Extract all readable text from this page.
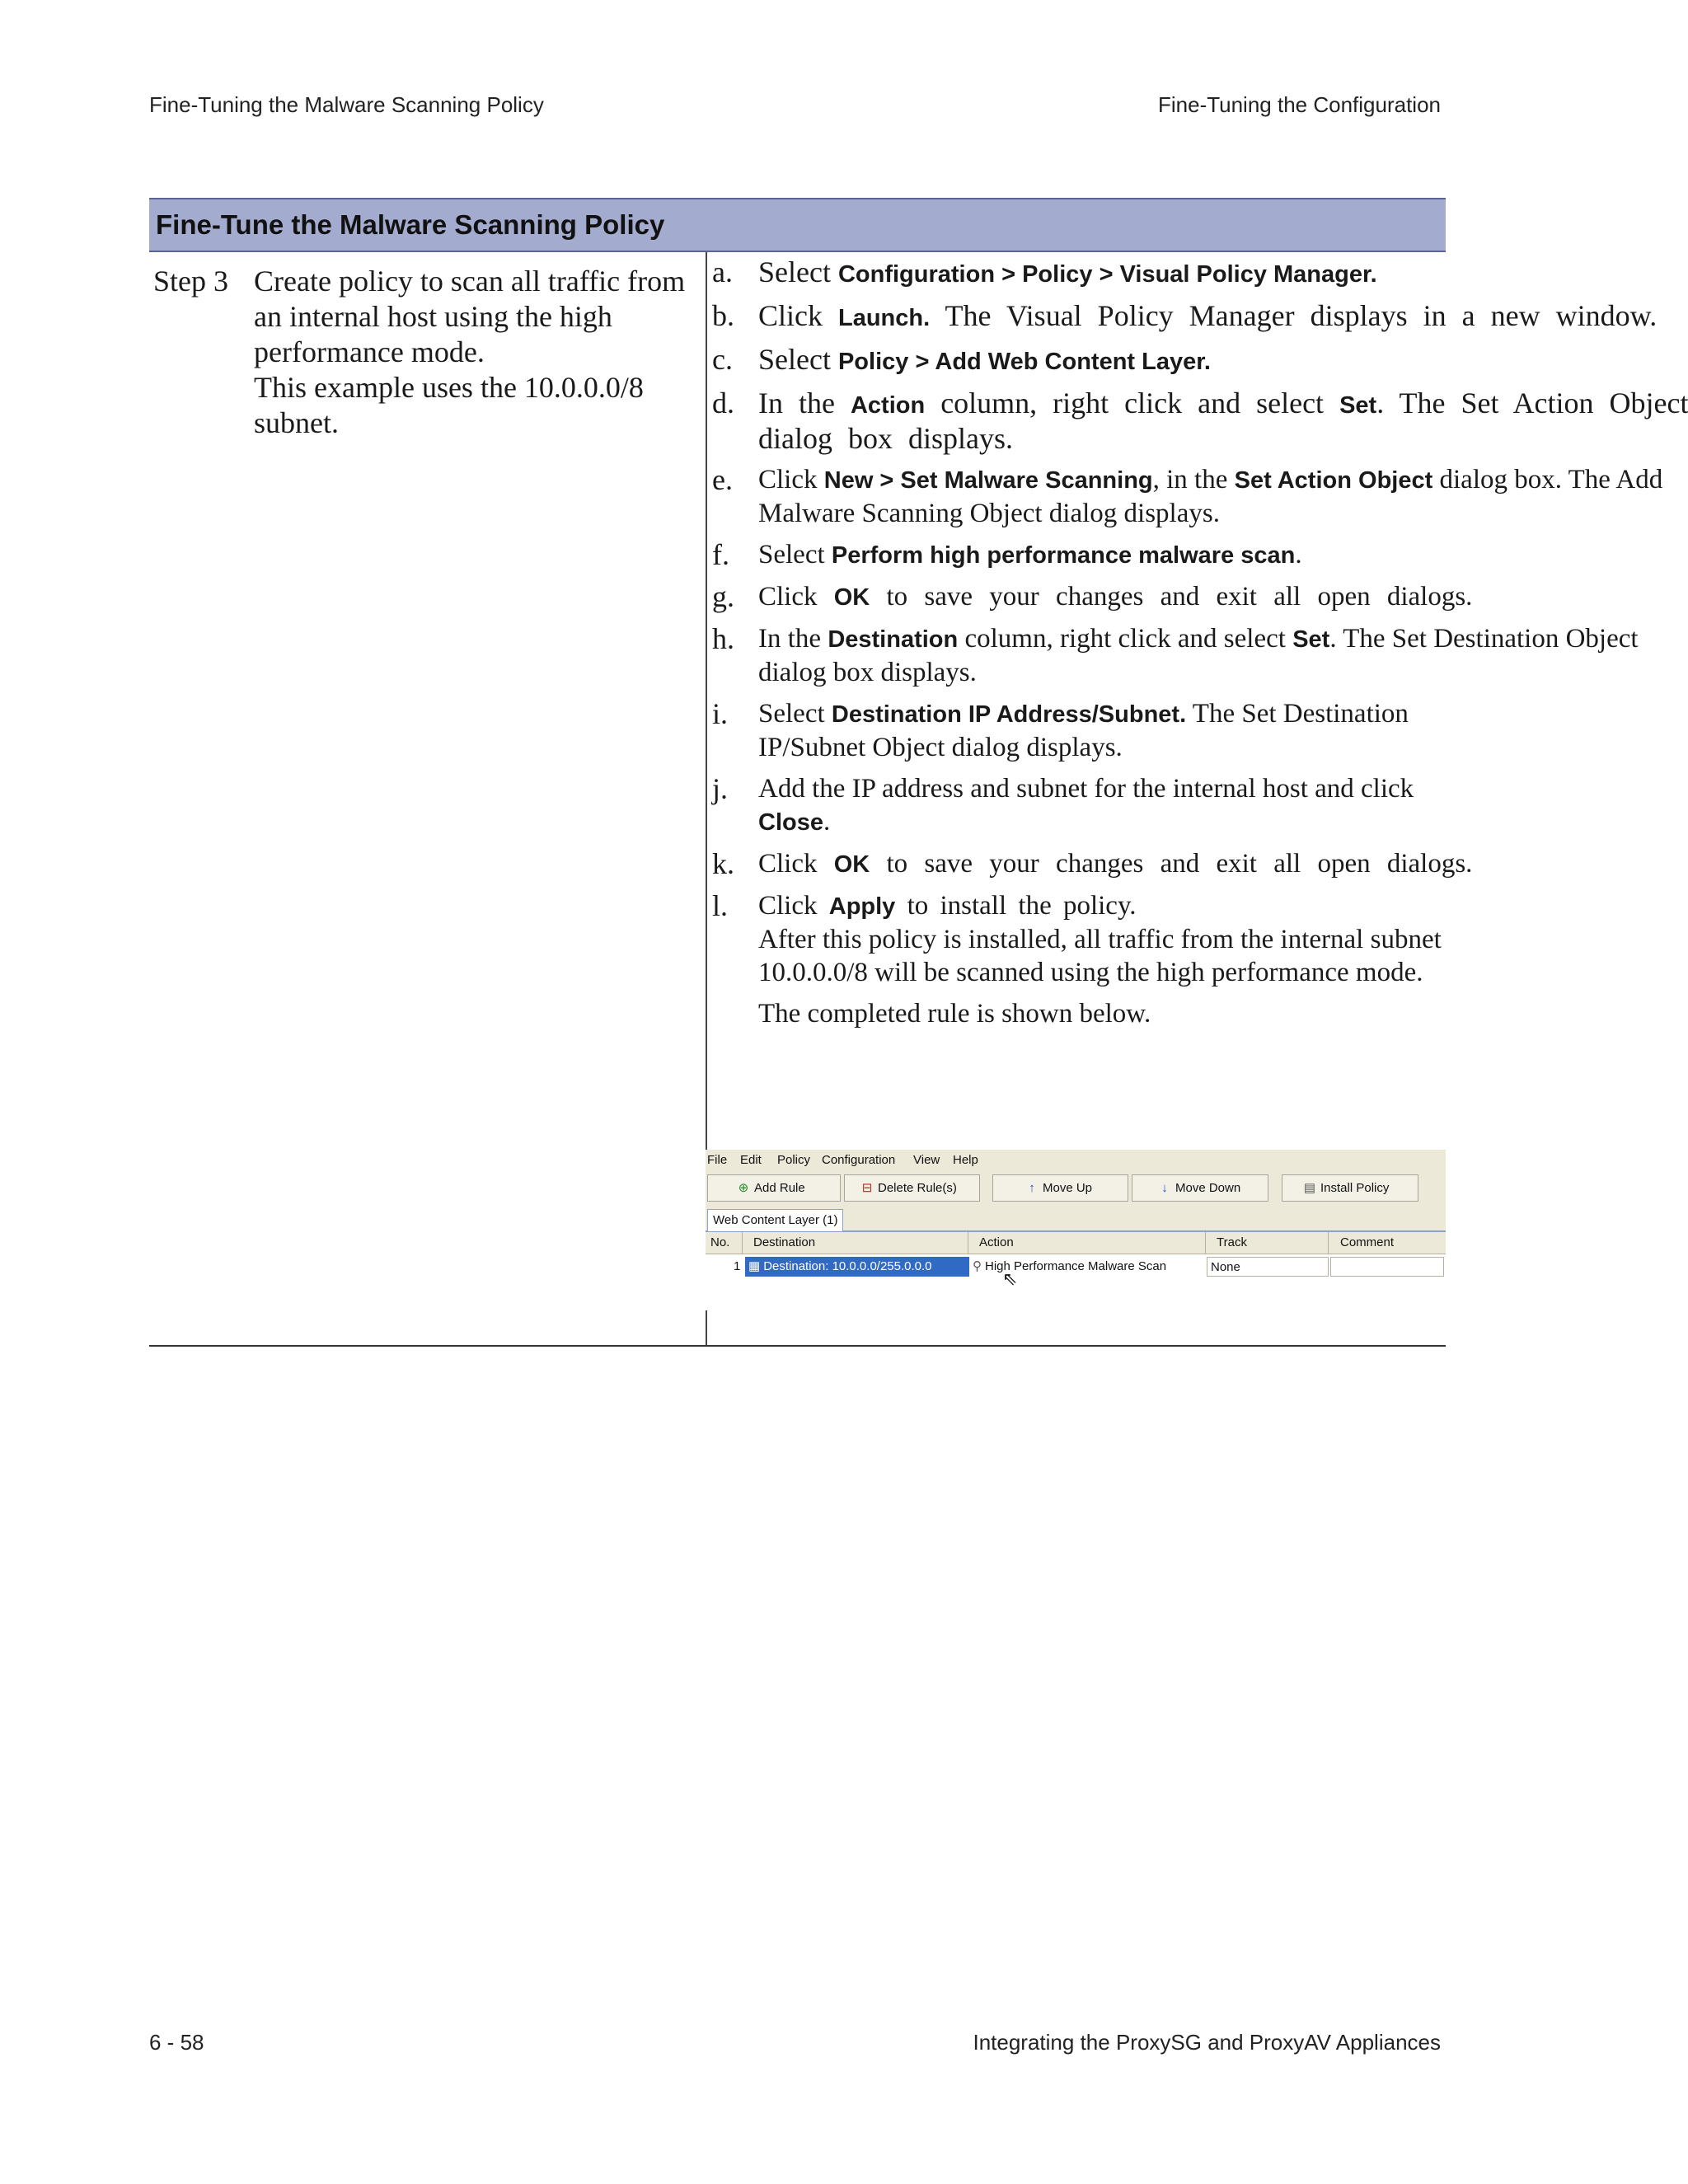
Fine-Tuning the Malware Scanning Policy	Fine-Tuning the Configuration
Fine-Tune the Malware Scanning Policy
Step 3 Create policy to scan all traffic from an internal host using the high performance mode.

This example uses the 10.0.0.0/8 subnet.

a. Select Configuration > Policy > Visual Policy Manager.

b. Click Launch. The Visual Policy Manager displays in a new window.

c. Select Policy > Add Web Content Layer.

d. In the Action column, right click and select Set. The Set Action Object dialog box displays.

e. Click New > Set Malware Scanning, in the Set Action Object dialog box. The Add Malware Scanning Object dialog displays.

f. Select Perform high performance malware scan.

g. Click OK to save your changes and exit all open dialogs.

h. In the Destination column, right click and select Set. The Set Destination Object dialog box displays.

i. Select Destination IP Address/Subnet. The Set Destination IP/Subnet Object dialog displays.

j. Add the IP address and subnet for the internal host and click Close.

k. Click OK to save your changes and exit all open dialogs.

l. Click Apply to install the policy.

After this policy is installed, all traffic from the internal subnet 10.0.0.0/8 will be scanned using the high performance mode.

The completed rule is shown below.

File Edit Policy Configuration View Help
⊕ Add Rule	⊟ Delete Rule(s)	↑ Move Up	↓ Move Down	▤ Install Policy
Web Content Layer (1)
No. Destination	Action	Track	Comment
1 ▦ Destination: 10.0.0.0/255.0.0.0	⚲ High Performance Malware Scan	None
⇖
6 - 58	Integrating the ProxySG and ProxyAV Appliances
